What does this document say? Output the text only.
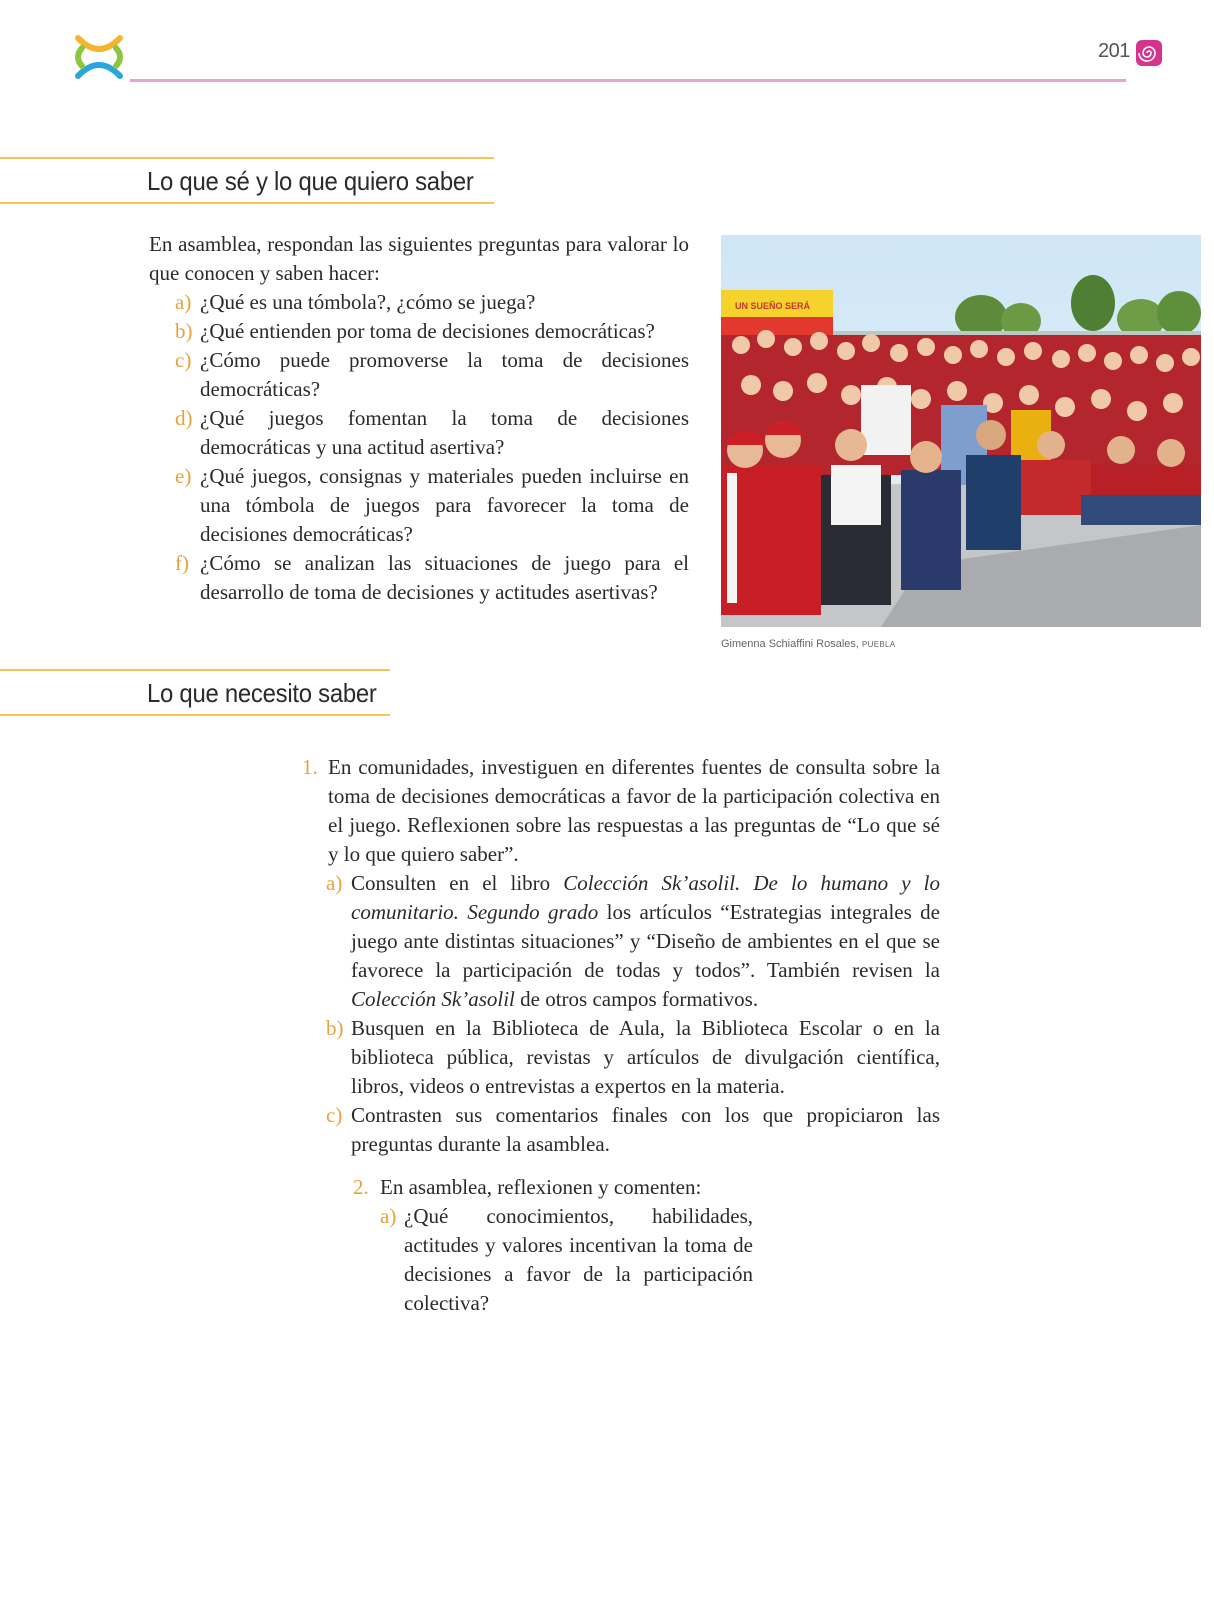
201
Lo que sé y lo que quiero saber
En asamblea, respondan las siguientes preguntas para valorar lo que conocen y saben hacer:
a) ¿Qué es una tómbola?, ¿cómo se juega?
b) ¿Qué entienden por toma de decisiones democráticas?
c) ¿Cómo puede promoverse la toma de decisiones democráticas?
d) ¿Qué juegos fomentan la toma de decisiones democráticas y una actitud asertiva?
e) ¿Qué juegos, consignas y materiales pueden incluirse en una tómbola de juegos para favorecer la toma de decisiones democráticas?
f) ¿Cómo se analizan las situaciones de juego para el desarrollo de toma de decisiones y actitudes asertivas?
UN SUEÑO SERÁ
Gimenna Schiaffini Rosales, PUEBLA
Lo que necesito saber
1. En comunidades, investiguen en diferentes fuentes de consulta sobre la toma de decisiones democráticas a favor de la participación colectiva en el juego. Reflexionen sobre las respuestas a las preguntas de “Lo que sé y lo que quiero saber”.
a) Consulten en el libro Colección Sk’asolil. De lo humano y lo comunitario. Segundo grado los artículos “Estrategias integrales de juego ante distintas situaciones” y “Diseño de ambientes en el que se favorece la participación de todas y todos”. También revisen la Colección Sk’asolil de otros campos formativos.
b) Busquen en la Biblioteca de Aula, la Biblioteca Escolar o en la biblioteca pública, revistas y artículos de divulgación científica, libros, videos o entrevistas a expertos en la materia.
c) Contrasten sus comentarios finales con los que propiciaron las preguntas durante la asamblea.
2. En asamblea, reflexionen y comenten:
a) ¿Qué conocimientos, habilidades, actitudes y valores incentivan la toma de decisiones a favor de la participación colectiva?
